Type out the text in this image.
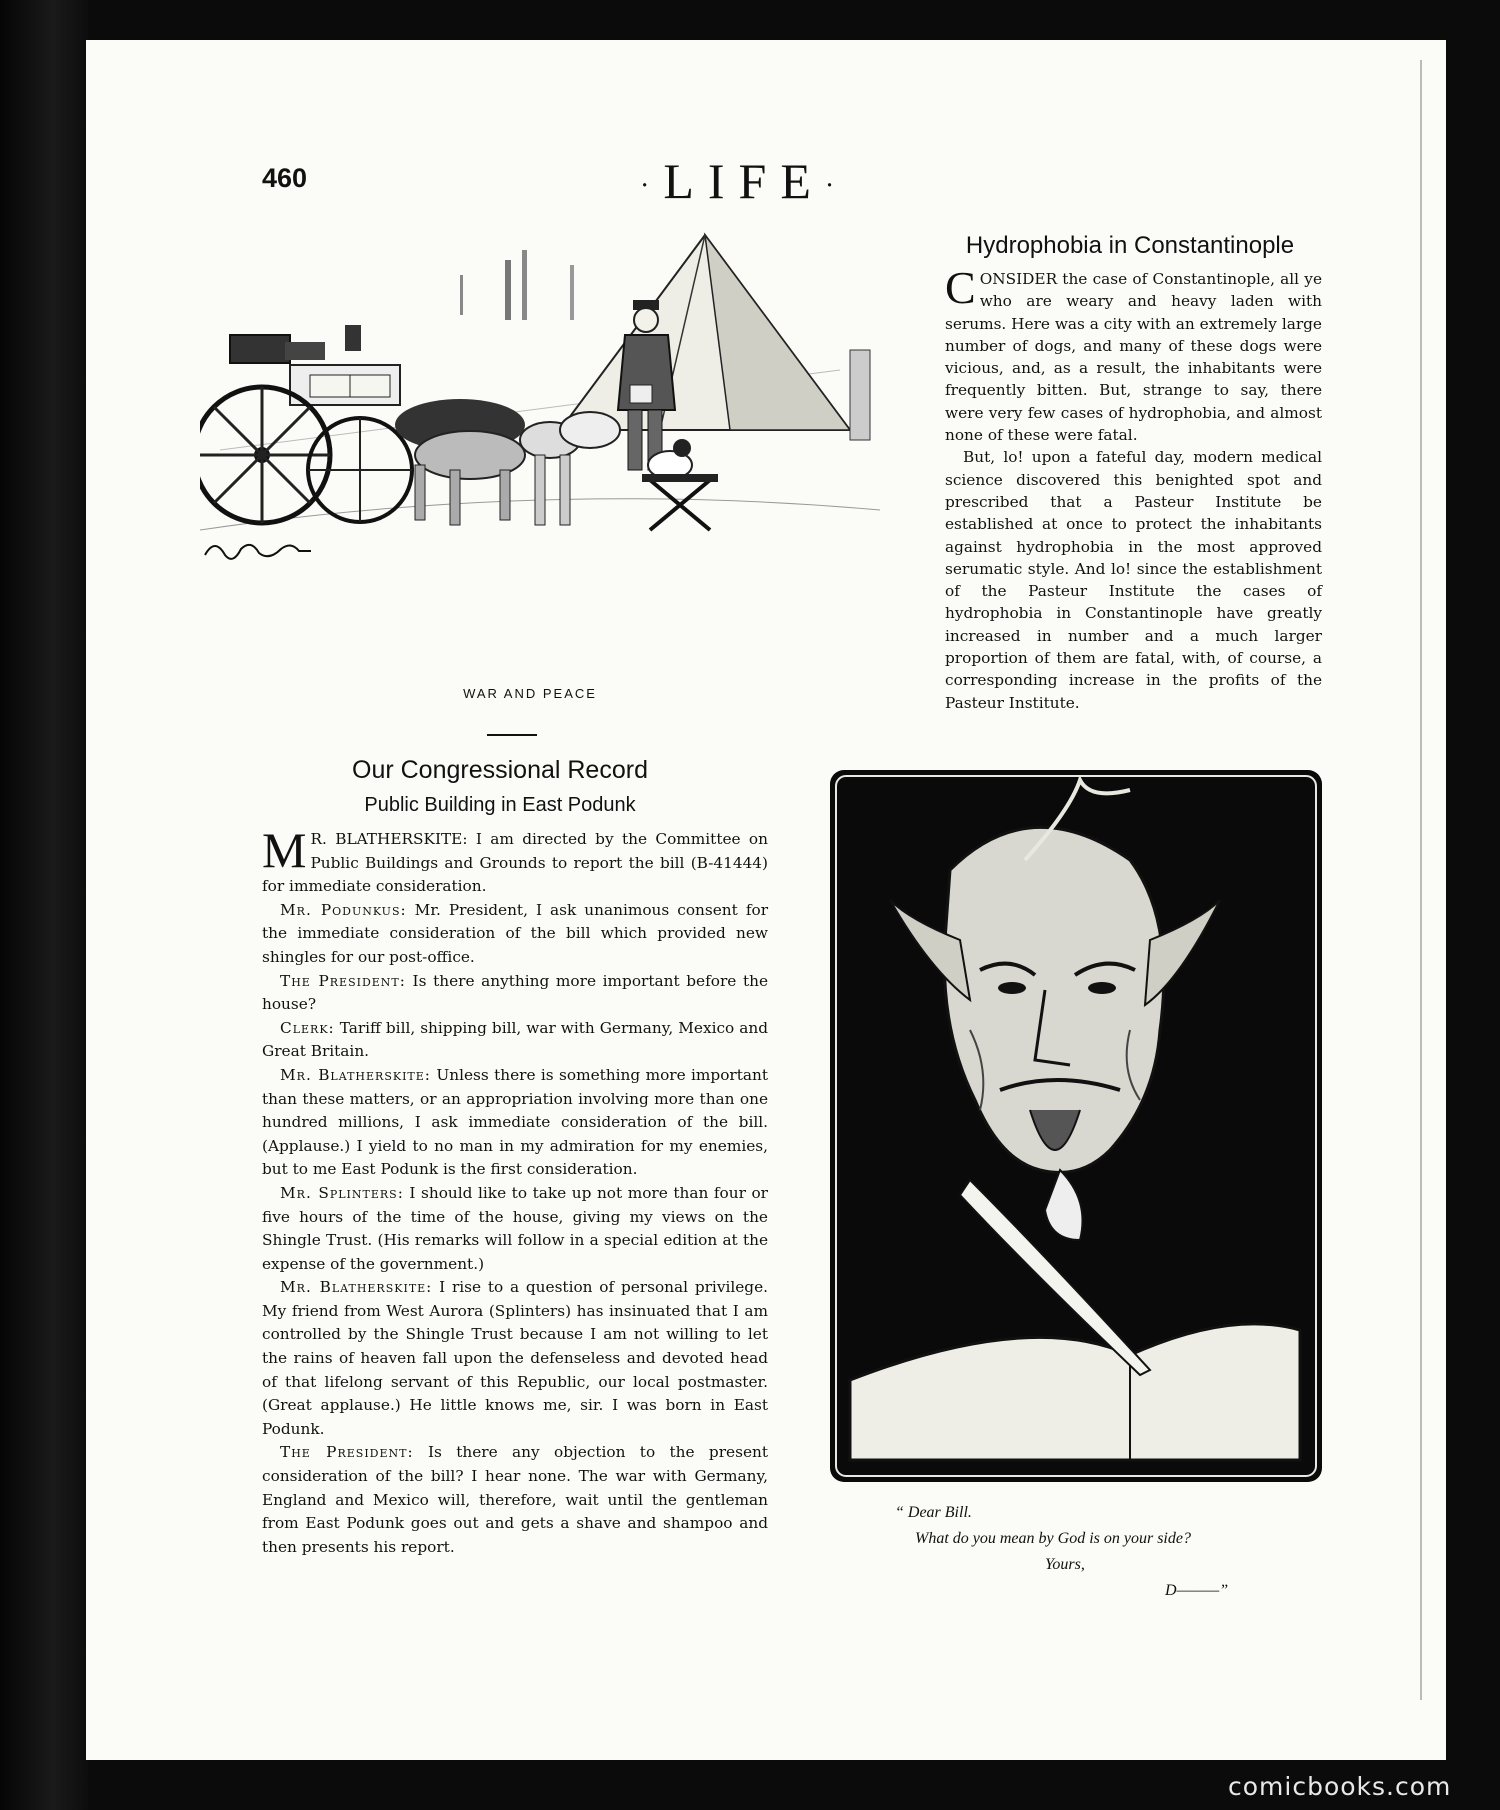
460	·LIFE·
WAR AND PEACE
Hydrophobia in Constantinople

CONSIDER the case of Constantinople, all ye who are weary and heavy laden with serums. Here was a city with an extremely large number of dogs, and many of these dogs were vicious, and, as a result, the inhabitants were frequently bitten. But, strange to say, there were very few cases of hydrophobia, and almost none of these were fatal.

But, lo! upon a fateful day, modern medical science discovered this benighted spot and prescribed that a Pasteur Institute be established at once to protect the inhabitants against hydrophobia in the most approved serumatic style. And lo! since the establishment of the Pasteur Institute the cases of hydrophobia in Constantinople have greatly increased in number and a much larger proportion of them are fatal, with, of course, a corresponding increase in the profits of the Pasteur Institute.

Our Congressional Record
Public Building in East Podunk

M R. BLATHERSKITE: I am directed by the Committee on Public Buildings and Grounds to report the bill (B-41444) for immediate consideration.

Mr. Podunkus: Mr. President, I ask unanimous consent for the immediate consideration of the bill which provided new shingles for our post-office.

The President: Is there anything more important before the house?

Clerk: Tariff bill, shipping bill, war with Germany, Mexico and Great Britain.

Mr. Blatherskite: Unless there is something more important than these matters, or an appropriation involving more than one hundred millions, I ask immediate consideration of the bill. (Applause.) I yield to no man in my admiration for my enemies, but to me East Podunk is the first consideration.

Mr. Splinters: I should like to take up not more than four or five hours of the time of the house, giving my views on the Shingle Trust. (His remarks will follow in a special edition at the expense of the government.)

Mr. Blatherskite: I rise to a question of personal privilege. My friend from West Aurora (Splinters) has insinuated that I am controlled by the Shingle Trust because I am not willing to let the rains of heaven fall upon the defenseless and devoted head of that lifelong servant of this Republic, our local postmaster. (Great applause.) He little knows me, sir. I was born in East Podunk.

The President: Is there any objection to the present consideration of the bill? I hear none. The war with Germany, England and Mexico will, therefore, wait until the gentleman from East Podunk goes out and gets a shave and shampoo and then presents his report.

“ Dear Bill.
What do you mean by God is on your side?
Yours,
D———”
comicbooks.com
